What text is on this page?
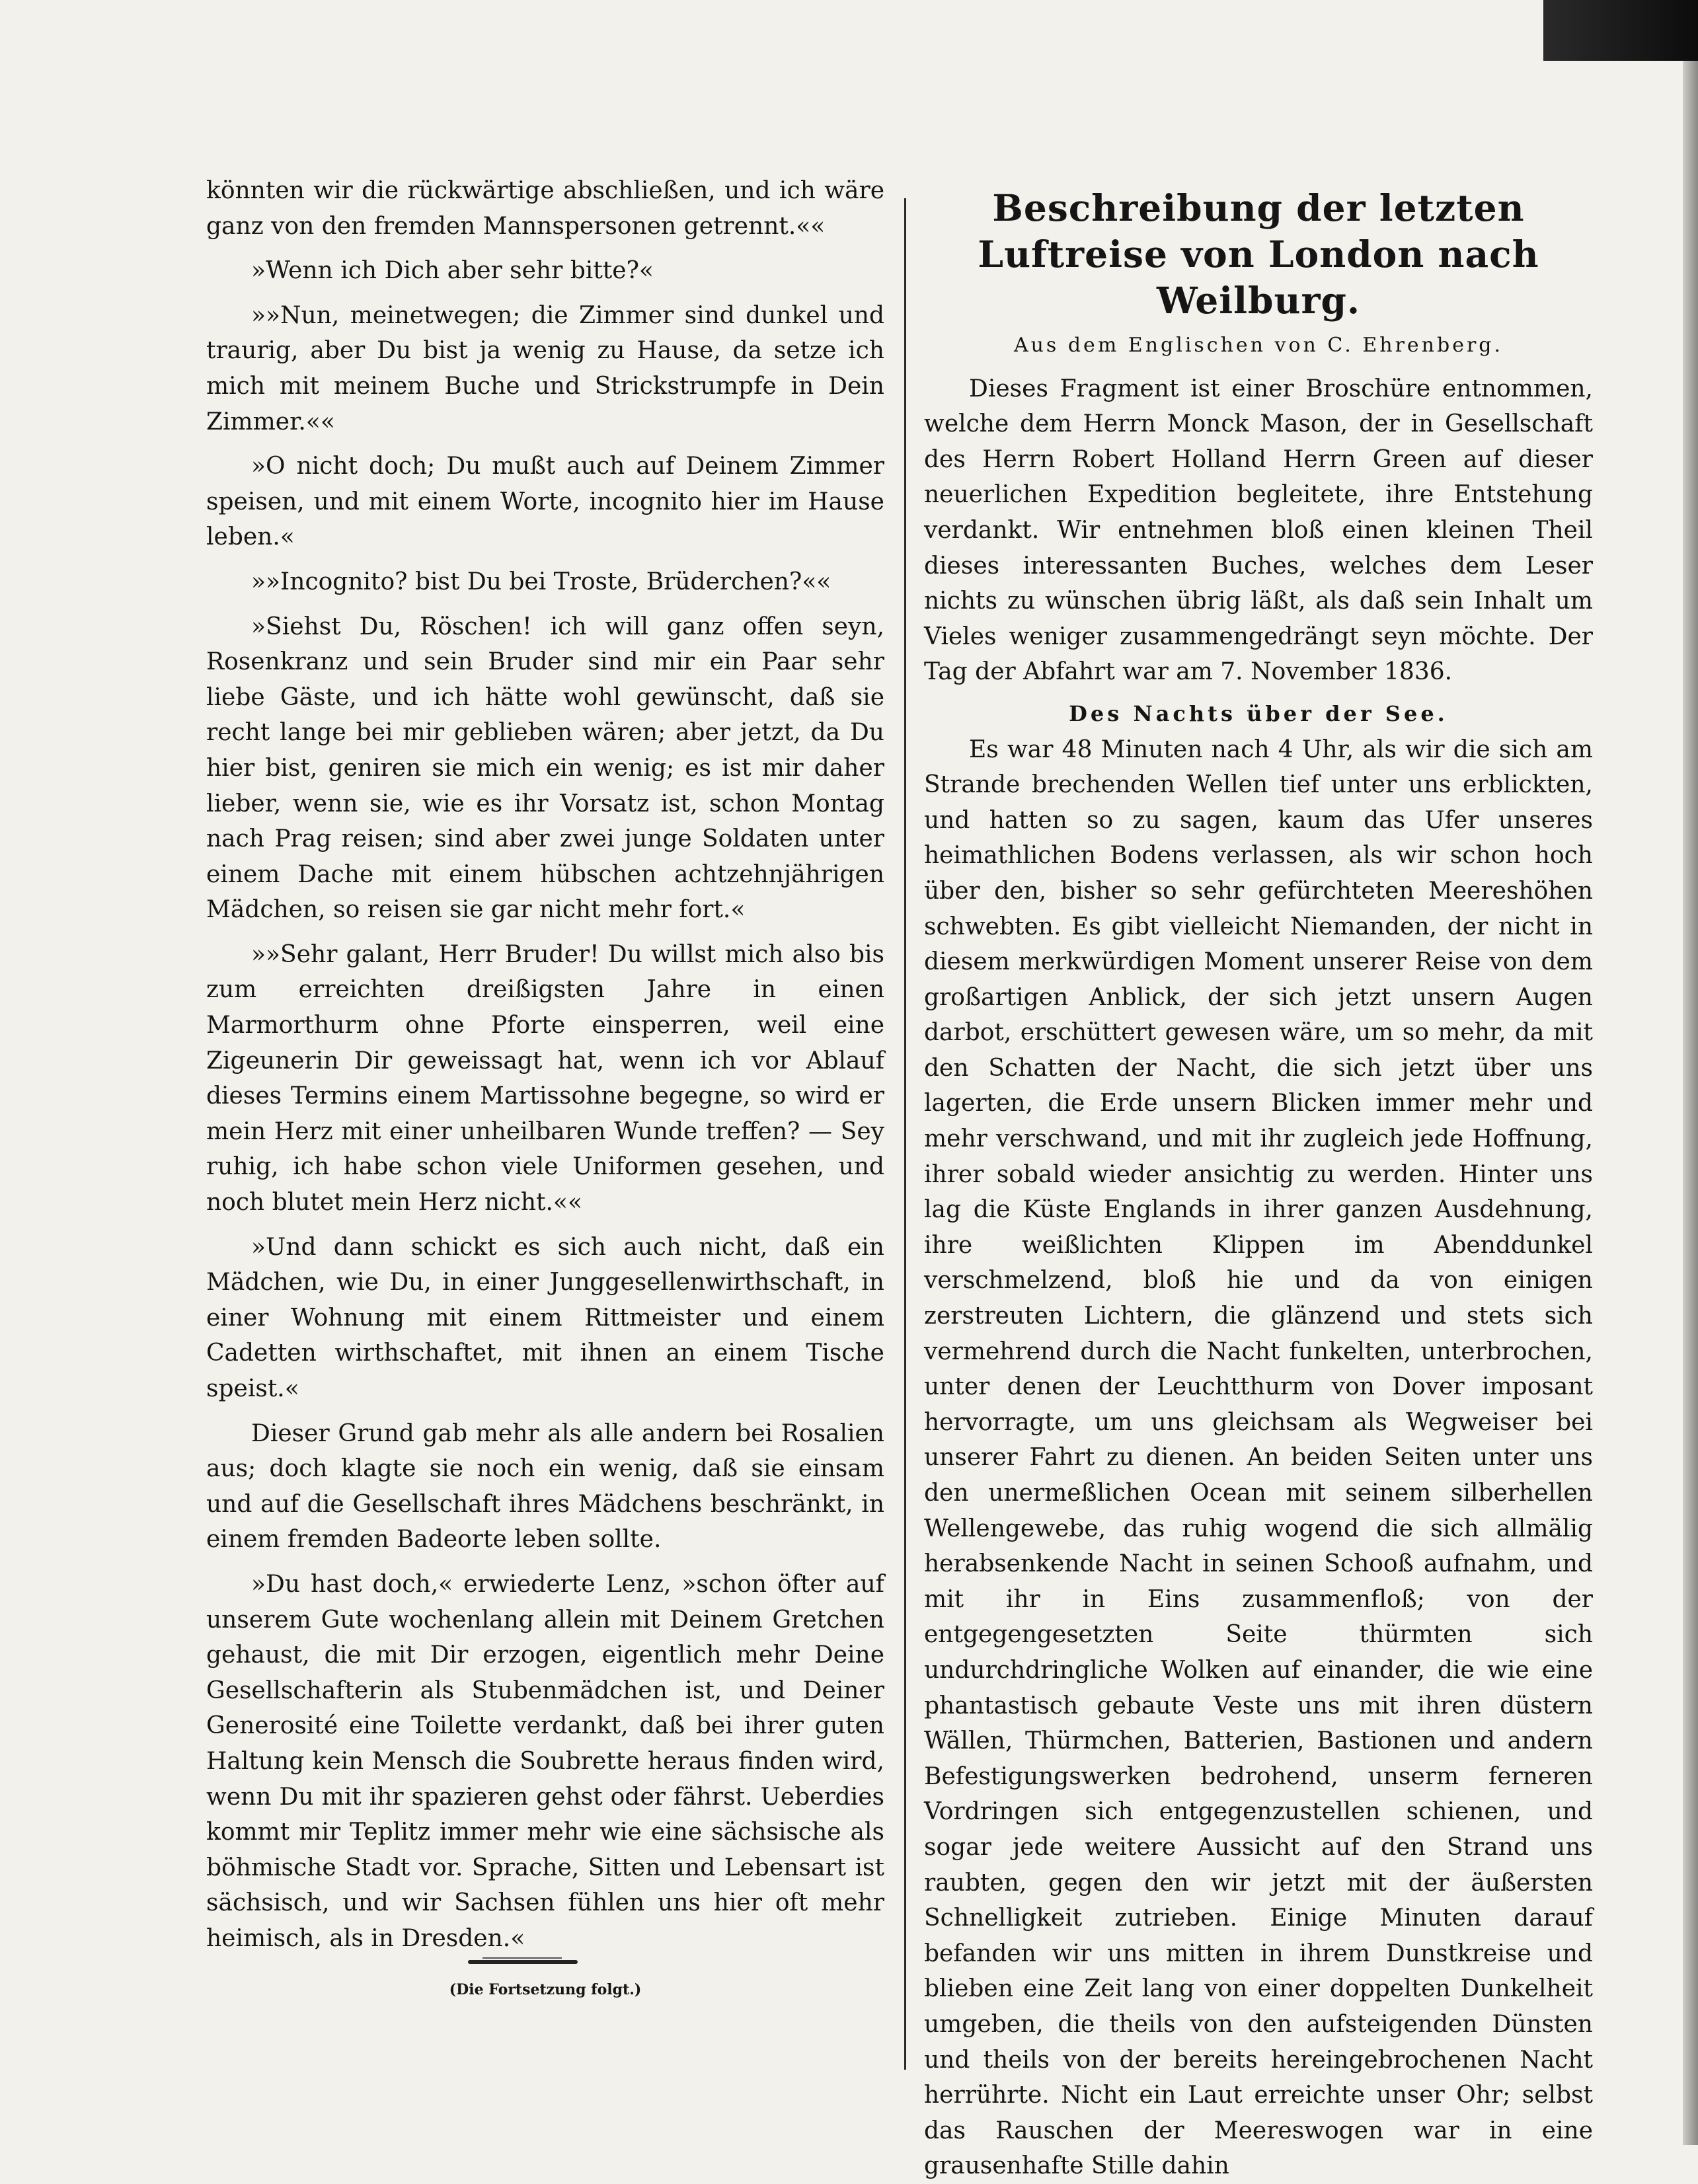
könnten wir die rückwärtige abschließen, und ich wäre ganz von den fremden Mannspersonen getrennt.««

»Wenn ich Dich aber sehr bitte?«

»»Nun, meinetwegen; die Zimmer sind dunkel und traurig, aber Du bist ja wenig zu Hause, da setze ich mich mit meinem Buche und Strickstrumpfe in Dein Zimmer.««

»O nicht doch; Du mußt auch auf Deinem Zimmer speisen, und mit einem Worte, incognito hier im Hause leben.«

»»Incognito? bist Du bei Troste, Brüderchen?««

»Siehst Du, Röschen! ich will ganz offen seyn, Rosenkranz und sein Bruder sind mir ein Paar sehr liebe Gäste, und ich hätte wohl gewünscht, daß sie recht lange bei mir geblieben wären; aber jetzt, da Du hier bist, geniren sie mich ein wenig; es ist mir daher lieber, wenn sie, wie es ihr Vorsatz ist, schon Montag nach Prag reisen; sind aber zwei junge Soldaten unter einem Dache mit einem hübschen achtzehnjährigen Mädchen, so reisen sie gar nicht mehr fort.«

»»Sehr galant, Herr Bruder! Du willst mich also bis zum erreichten dreißigsten Jahre in einen Marmorthurm ohne Pforte einsperren, weil eine Zigeunerin Dir geweissagt hat, wenn ich vor Ablauf dieses Termins einem Martissohne begegne, so wird er mein Herz mit einer unheilbaren Wunde treffen? — Sey ruhig, ich habe schon viele Uniformen gesehen, und noch blutet mein Herz nicht.««

»Und dann schickt es sich auch nicht, daß ein Mädchen, wie Du, in einer Junggesellenwirthschaft, in einer Wohnung mit einem Rittmeister und einem Cadetten wirthschaftet, mit ihnen an einem Tische speist.«

Dieser Grund gab mehr als alle andern bei Rosalien aus; doch klagte sie noch ein wenig, daß sie einsam und auf die Gesellschaft ihres Mädchens beschränkt, in einem fremden Badeorte leben sollte.

»Du hast doch,« erwiederte Lenz, »schon öfter auf unserem Gute wochenlang allein mit Deinem Gretchen gehaust, die mit Dir erzogen, eigentlich mehr Deine Gesellschafterin als Stubenmädchen ist, und Deiner Generosité eine Toilette verdankt, daß bei ihrer guten Haltung kein Mensch die Soubrette heraus finden wird, wenn Du mit ihr spazieren gehst oder fährst. Ueberdies kommt mir Teplitz immer mehr wie eine sächsische als böhmische Stadt vor. Sprache, Sitten und Lebensart ist sächsisch, und wir Sachsen fühlen uns hier oft mehr heimisch, als in Dresden.«

(Die Fortsetzung folgt.)
Beschreibung der letzten Luftreise von London nach Weilburg.
Aus dem Englischen von C. Ehrenberg.

Dieses Fragment ist einer Broschüre entnommen, welche dem Herrn Monck Mason, der in Gesellschaft des Herrn Robert Holland Herrn Green auf dieser neuerlichen Expedition begleitete, ihre Entstehung verdankt. Wir entnehmen bloß einen kleinen Theil dieses interessanten Buches, welches dem Leser nichts zu wünschen übrig läßt, als daß sein Inhalt um Vieles weniger zusammengedrängt seyn möchte. Der Tag der Abfahrt war am 7. November 1836.

Des Nachts über der See.

Es war 48 Minuten nach 4 Uhr, als wir die sich am Strande brechenden Wellen tief unter uns erblickten, und hatten so zu sagen, kaum das Ufer unseres heimathlichen Bodens verlassen, als wir schon hoch über den, bisher so sehr gefürchteten Meereshöhen schwebten. Es gibt vielleicht Niemanden, der nicht in diesem merkwürdigen Moment unserer Reise von dem großartigen Anblick, der sich jetzt unsern Augen darbot, erschüttert gewesen wäre, um so mehr, da mit den Schatten der Nacht, die sich jetzt über uns lagerten, die Erde unsern Blicken immer mehr und mehr verschwand, und mit ihr zugleich jede Hoffnung, ihrer sobald wieder ansichtig zu werden. Hinter uns lag die Küste Englands in ihrer ganzen Ausdehnung, ihre weißlichten Klippen im Abenddunkel verschmelzend, bloß hie und da von einigen zerstreuten Lichtern, die glänzend und stets sich vermehrend durch die Nacht funkelten, unterbrochen, unter denen der Leuchtthurm von Dover imposant hervorragte, um uns gleichsam als Wegweiser bei unserer Fahrt zu dienen. An beiden Seiten unter uns den unermeßlichen Ocean mit seinem silberhellen Wellengewebe, das ruhig wogend die sich allmälig herabsenkende Nacht in seinen Schooß aufnahm, und mit ihr in Eins zusammenfloß; von der entgegengesetzten Seite thürmten sich undurchdringliche Wolken auf einander, die wie eine phantastisch gebaute Veste uns mit ihren düstern Wällen, Thürmchen, Batterien, Bastionen und andern Befestigungswerken bedrohend, unserm ferneren Vordringen sich entgegenzustellen schienen, und sogar jede weitere Aussicht auf den Strand uns raubten, gegen den wir jetzt mit der äußersten Schnelligkeit zutrieben. Einige Minuten darauf befanden wir uns mitten in ihrem Dunstkreise und blieben eine Zeit lang von einer doppelten Dunkelheit umgeben, die theils von den aufsteigenden Dünsten und theils von der bereits hereingebrochenen Nacht herrührte. Nicht ein Laut erreichte unser Ohr; selbst das Rauschen der Meereswogen war in eine grausenhafte Stille dahin
